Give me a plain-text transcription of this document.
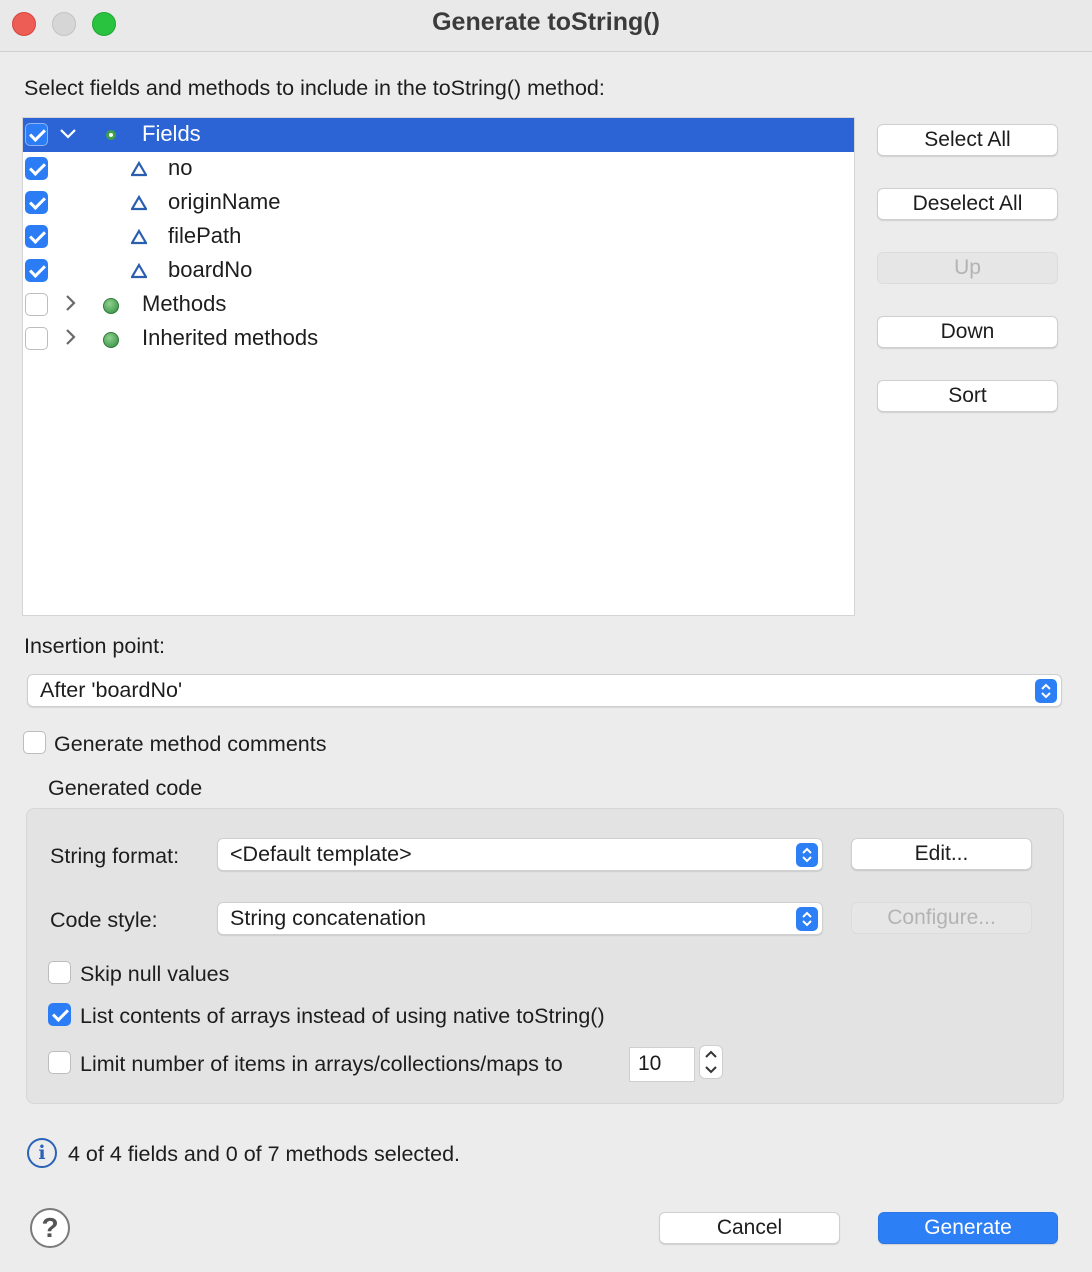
Generate toString()
Select fields and methods to include in the toString() method:
Fields
no
originName
filePath
boardNo
Methods
Inherited methods
Select All
Deselect All
Up
Down
Sort
Insertion point:
After 'boardNo'
Generate method comments
Generated code
String format: <Default template>	Edit...
Code style:	String concatenation	Configure...
Skip null values
List contents of arrays instead of using native toString()
Limit number of items in arrays/collections/maps to	10
i	4 of 4 fields and 0 of 7 methods selected.
?	Cancel	Generate
